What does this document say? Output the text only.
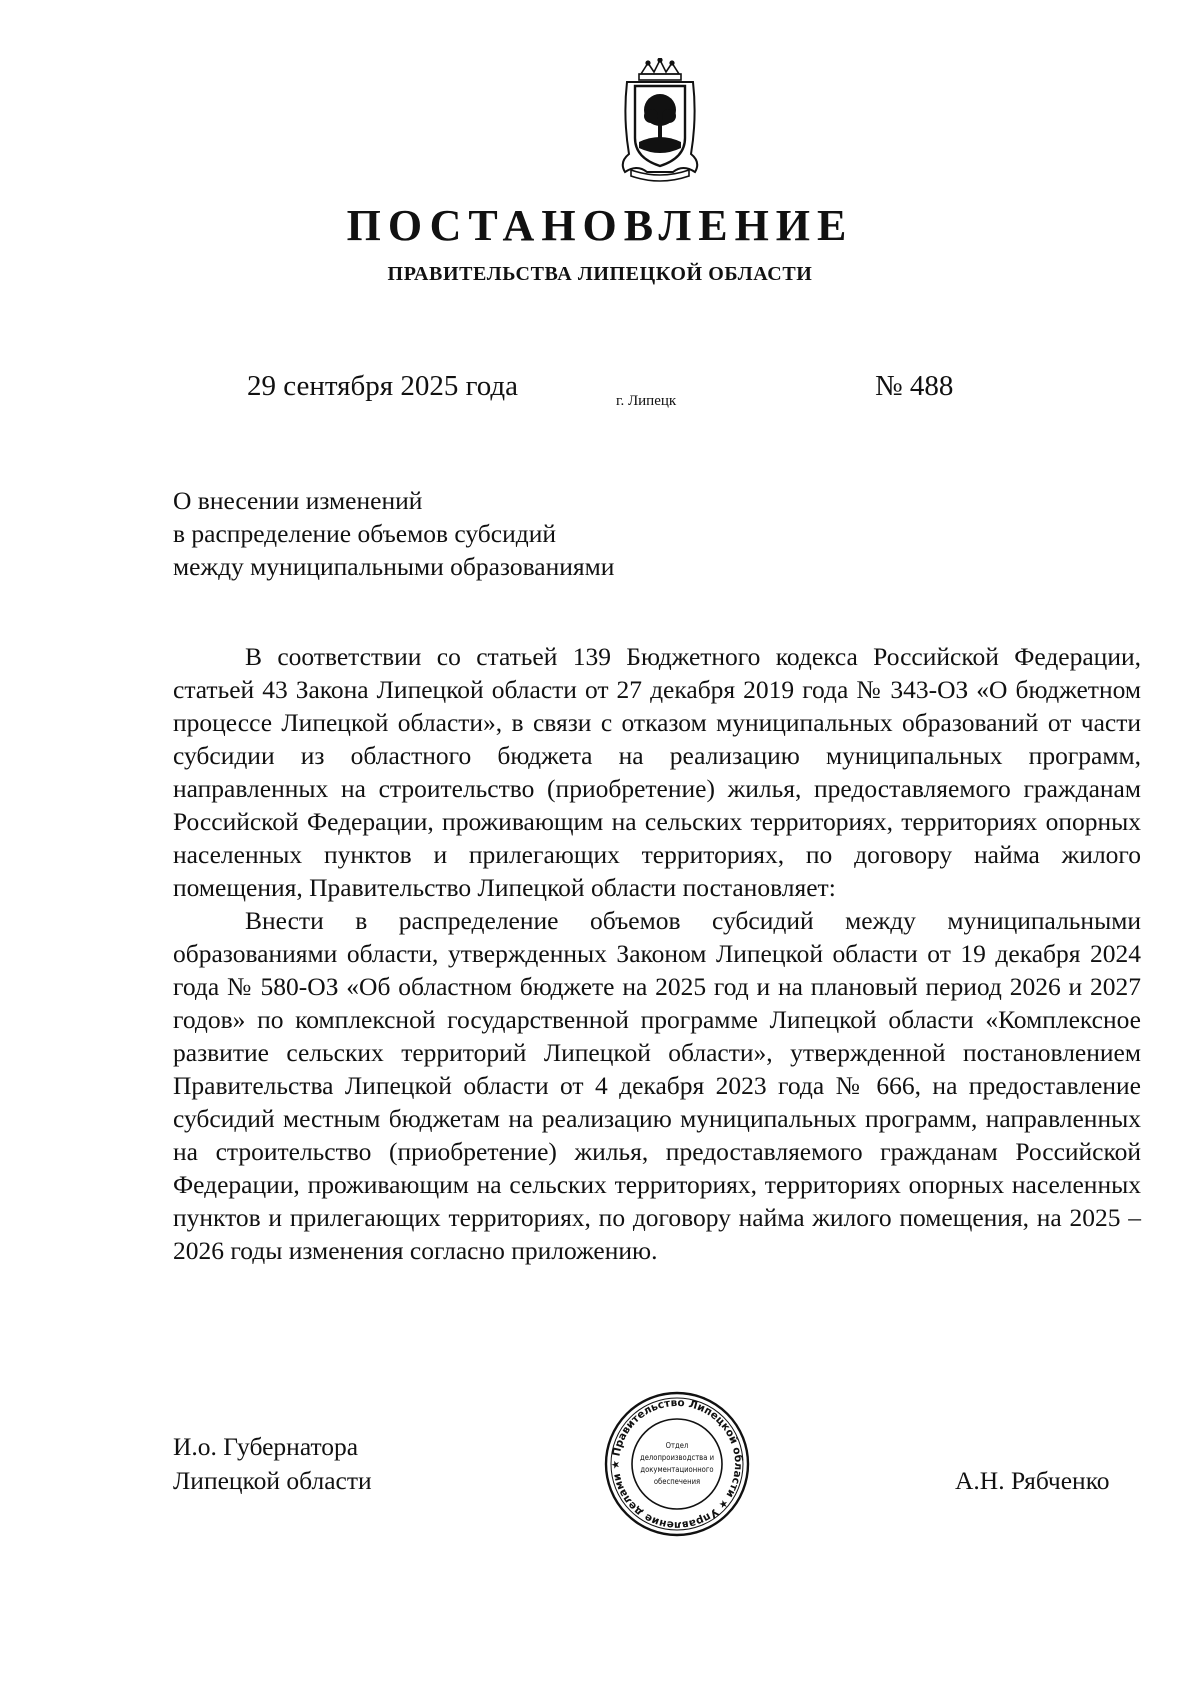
ПОСТАНОВЛЕНИЕ
ПРАВИТЕЛЬСТВА ЛИПЕЦКОЙ ОБЛАСТИ
29 сентября 2025 года	г. Липецк	№ 488
О внесении изменений
в распределение объемов субсидий
между муниципальными образованиями

В соответствии со статьей 139 Бюджетного кодекса Российской Федерации, статьей 43 Закона Липецкой области от 27 декабря 2019 года № 343-ОЗ «О бюджетном процессе Липецкой области», в связи с отказом муниципальных образований от части субсидии из областного бюджета на реализацию муниципальных программ, направленных на строительство (приобретение) жилья, предоставляемого гражданам Российской Федерации, проживающим на сельских территориях, территориях опорных населенных пунктов и прилегающих территориях, по договору найма жилого помещения, Правительство Липецкой области постановляет:

Внести в распределение объемов субсидий между муниципальными образованиями области, утвержденных Законом Липецкой области от 19 декабря 2024 года № 580-ОЗ «Об областном бюджете на 2025 год и на плановый период 2026 и 2027 годов» по комплексной государственной программе Липецкой области «Комплексное развитие сельских территорий Липецкой области», утвержденной постановлением Правительства Липецкой области от 4 декабря 2023 года № 666, на предоставление субсидий местным бюджетам на реализацию муниципальных программ, направленных на строительство (приобретение) жилья, предоставляемого гражданам Российской Федерации, проживающим на сельских территориях, территориях опорных населенных пунктов и прилегающих территориях, по договору найма жилого помещения, на 2025 – 2026 годы изменения согласно приложению.

И.о. Губернатора
Липецкой области	А.Н. Рябченко
Правительство Липецкой области ★ Управление делами ★
Отдел
делопроизводства и
документационного
обеспечения
